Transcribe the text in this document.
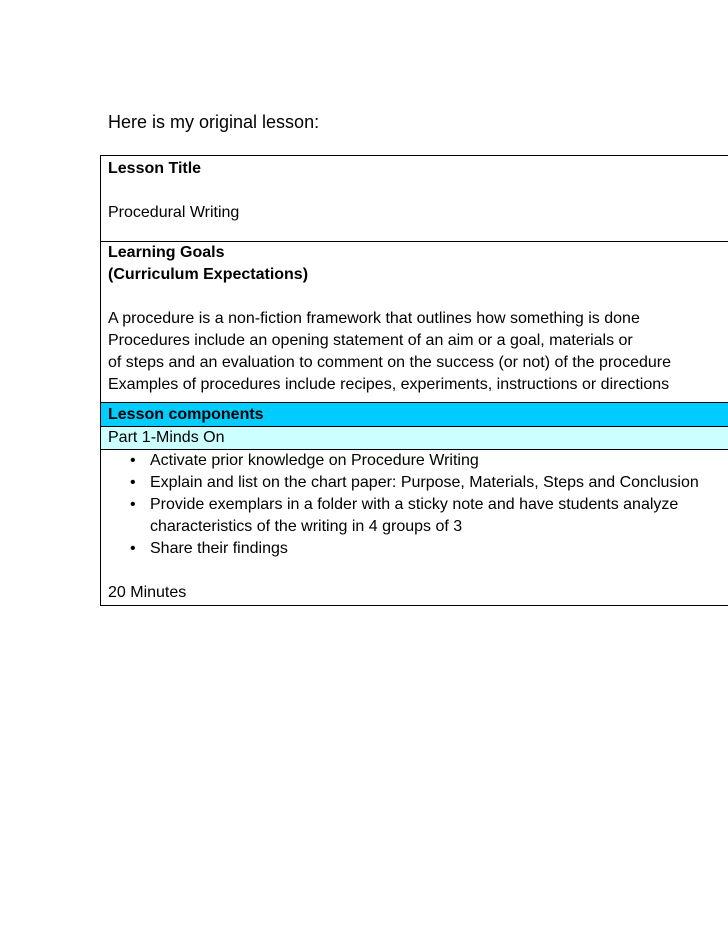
Here is my original lesson:
Lesson Title
Procedural Writing
Learning Goals
(Curriculum Expectations)
A procedure is a non-fiction framework that outlines how something is done
Procedures include an opening statement of an aim or a goal, materials or
of steps and an evaluation to comment on the success (or not) of the procedure
Examples of procedures include recipes, experiments, instructions or directions
Lesson components
Part 1-Minds On
• Activate prior knowledge on Procedure Writing
• Explain and list on the chart paper: Purpose, Materials, Steps and Conclusion
• Provide exemplars in a folder with a sticky note and have students analyze
characteristics of the writing in 4 groups of 3
• Share their findings
20 Minutes
